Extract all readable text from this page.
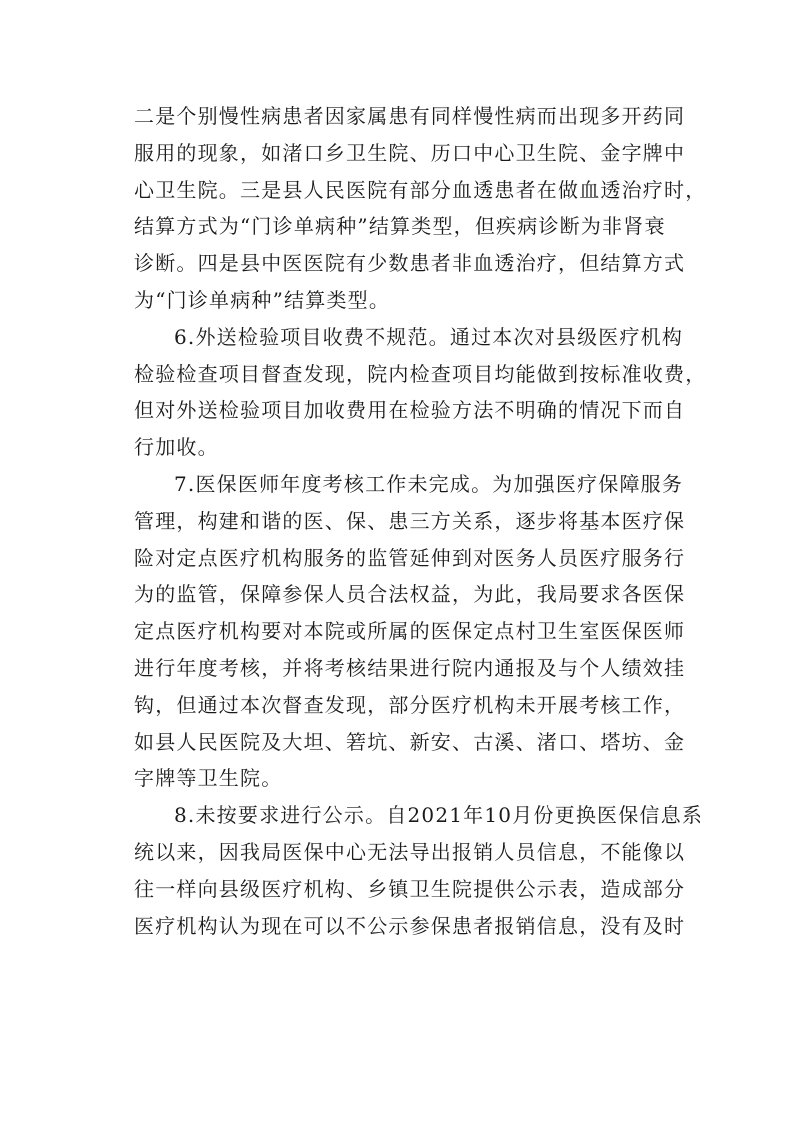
二是个别慢性病患者因家属患有同样慢性病而出现多开药同
服用的现象，如渚口乡卫生院、历口中心卫生院、金字牌中
心卫生院。三是县人民医院有部分血透患者在做血透治疗时，
结算方式为“门诊单病种”结算类型，但疾病诊断为非肾衰
诊断。四是县中医医院有少数患者非血透治疗，但结算方式
为“门诊单病种”结算类型。
6.外送检验项目收费不规范。通过本次对县级医疗机构
检验检查项目督查发现，院内检查项目均能做到按标准收费，
但对外送检验项目加收费用在检验方法不明确的情况下而自
行加收。
7.医保医师年度考核工作未完成。为加强医疗保障服务
管理，构建和谐的医、保、患三方关系，逐步将基本医疗保
险对定点医疗机构服务的监管延伸到对医务人员医疗服务行
为的监管，保障参保人员合法权益，为此，我局要求各医保
定点医疗机构要对本院或所属的医保定点村卫生室医保医师
进行年度考核，并将考核结果进行院内通报及与个人绩效挂
钩，但通过本次督查发现，部分医疗机构未开展考核工作，
如县人民医院及大坦、箬坑、新安、古溪、渚口、塔坊、金
字牌等卫生院。
8.未按要求进行公示。自2021年10月份更换医保信息系
统以来，因我局医保中心无法导出报销人员信息，不能像以
往一样向县级医疗机构、乡镇卫生院提供公示表，造成部分
医疗机构认为现在可以不公示参保患者报销信息，没有及时
